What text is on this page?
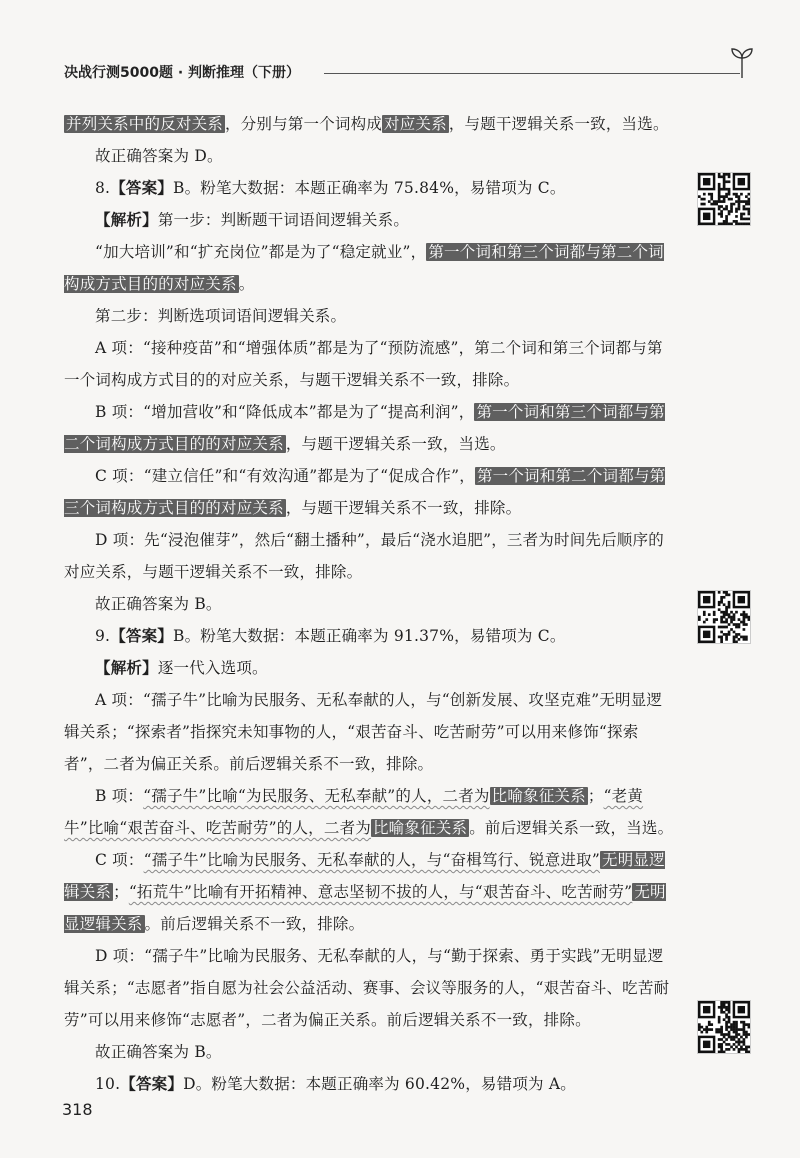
决战行测5000题 · 判断推理（下册）

并列关系中的反对关系 ，分别与第一个词构成 对应关系 ，与题干逻辑关系一致，当选。

故正确答案为 D。

8.【答案】B。粉笔大数据：本题正确率为 75.84%，易错项为 C。

【解析】第一步：判断题干词语间逻辑关系。

“加大培训”和“扩充岗位”都是为了“稳定就业”， 第一个词和第三个词都与第二个词构成方式目的的对应关系 。

第二步：判断选项词语间逻辑关系。

A 项：“接种疫苗”和“增强体质”都是为了“预防流感”，第二个词和第三个词都与第一个词构成方式目的的对应关系，与题干逻辑关系不一致，排除。

B 项：“增加营收”和“降低成本”都是为了“提高利润”， 第一个词和第三个词都与第二个词构成方式目的的对应关系 ，与题干逻辑关系一致，当选。

C 项：“建立信任”和“有效沟通”都是为了“促成合作”， 第一个词和第二个词都与第三个词构成方式目的的对应关系 ，与题干逻辑关系不一致，排除。

D 项：先“浸泡催芽”，然后“翻土播种”，最后“浇水追肥”，三者为时间先后顺序的对应关系，与题干逻辑关系不一致，排除。

故正确答案为 B。

9.【答案】B。粉笔大数据：本题正确率为 91.37%，易错项为 C。

【解析】逐一代入选项。

A 项：“孺子牛”比喻为民服务、无私奉献的人，与“创新发展、攻坚克难”无明显逻辑关系；“探索者”指探究未知事物的人，“艰苦奋斗、吃苦耐劳”可以用来修饰“探索者”，二者为偏正关系。前后逻辑关系不一致，排除。

B 项：“孺子牛”比喻“为民服务、无私奉献”的人，二者为 比喻象征关系 ；“老黄牛”比喻“艰苦奋斗、吃苦耐劳”的人，二者为 比喻象征关系 。前后逻辑关系一致，当选。

C 项：“孺子牛”比喻为民服务、无私奉献的人，与“奋楫笃行、锐意进取” 无明显逻辑关系 ；“拓荒牛”比喻有开拓精神、意志坚韧不拔的人，与“艰苦奋斗、吃苦耐劳” 无明显逻辑关系 。前后逻辑关系不一致，排除。

D 项：“孺子牛”比喻为民服务、无私奉献的人，与“勤于探索、勇于实践”无明显逻辑关系；“志愿者”指自愿为社会公益活动、赛事、会议等服务的人，“艰苦奋斗、吃苦耐劳”可以用来修饰“志愿者”，二者为偏正关系。前后逻辑关系不一致，排除。

故正确答案为 B。

10.【答案】D。粉笔大数据：本题正确率为 60.42%，易错项为 A。

318
